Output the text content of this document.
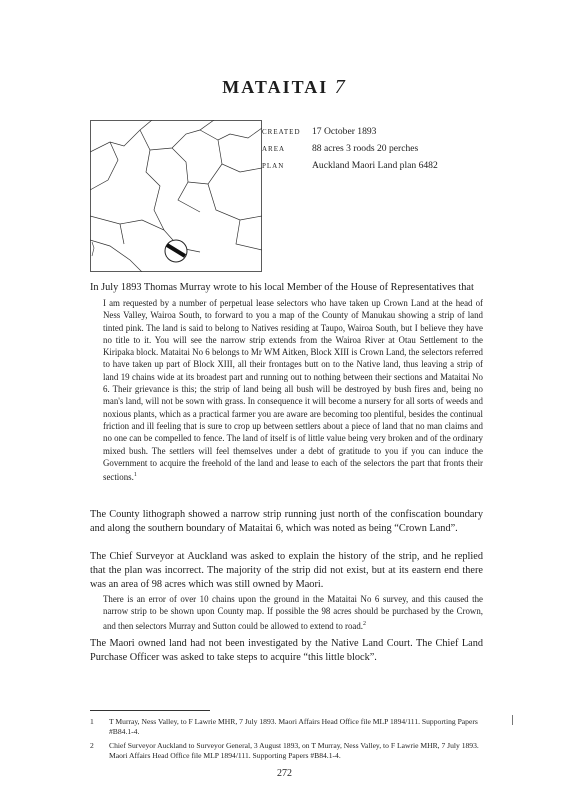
MATAITAI 7
CREATED	17 October 1893
AREA	88 acres 3 roods 20 perches
PLAN	Auckland Maori Land plan 6482
In July 1893 Thomas Murray wrote to his local Member of the House of Representatives that
I am requested by a number of perpetual lease selectors who have taken up Crown Land at the head of Ness Valley, Wairoa South, to forward to you a map of the County of Manukau showing a strip of land tinted pink. The land is said to belong to Natives residing at Taupo, Wairoa South, but I believe they have no title to it. You will see the narrow strip extends from the Wairoa River at Otau Settlement to the Kiripaka block. Mataitai No 6 belongs to Mr WM Aitken, Block XIII is Crown Land, the selectors referred to have taken up part of Block XIII, all their frontages butt on to the Native land, thus leaving a strip of land 19 chains wide at its broadest part and running out to nothing between their sections and Mataitai No 6. Their grievance is this; the strip of land being all bush will be destroyed by bush fires and, being no man's land, will not be sown with grass. In consequence it will become a nursery for all sorts of weeds and noxious plants, which as a practical farmer you are aware are becoming too plentiful, besides the continual friction and ill feeling that is sure to crop up between settlers about a piece of land that no man claims and no one can be compelled to fence. The land of itself is of little value being very broken and of the ordinary mixed bush. The settlers will feel themselves under a debt of gratitude to you if you can induce the Government to acquire the freehold of the land and lease to each of the selectors the part that fronts their sections.$^1$
The County lithograph showed a narrow strip running just north of the confiscation boundary and along the southern boundary of Mataitai 6, which was noted as being “Crown Land”.
The Chief Surveyor at Auckland was asked to explain the history of the strip, and he replied that the plan was incorrect. The majority of the strip did not exist, but at its eastern end there was an area of 98 acres which was still owned by Maori.
There is an error of over 10 chains upon the ground in the Mataitai No 6 survey, and this caused the narrow strip to be shown upon County map. If possible the 98 acres should be purchased by the Crown, and then selectors Murray and Sutton could be allowed to extend to road.$^2$
The Maori owned land had not been investigated by the Native Land Court. The Chief Land Purchase Officer was asked to take steps to acquire “this little block”.
1	T Murray, Ness Valley, to F Lawrie MHR, 7 July 1893. Maori Affairs Head Office file MLP 1894/111. Supporting Papers #B84.1-4.
2	Chief Surveyor Auckland to Surveyor General, 3 August 1893, on T Murray, Ness Valley, to F Lawrie MHR, 7 July 1893. Maori Affairs Head Office file MLP 1894/111. Supporting Papers #B84.1-4.
272
